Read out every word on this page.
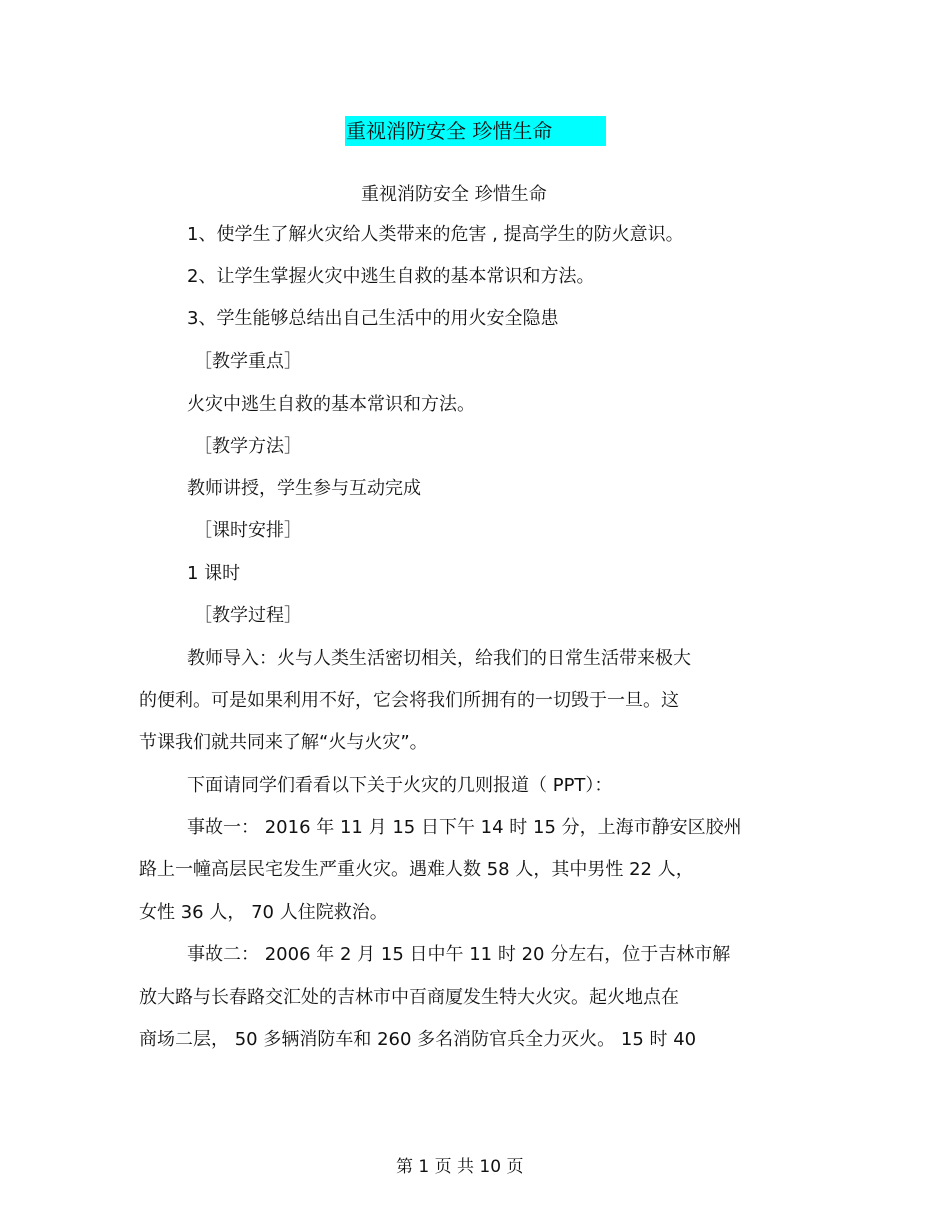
重视消防安全 珍惜生命
重视消防安全 珍惜生命
1、使学生了解火灾给人类带来的危害 , 提高学生的防火意识。
2、让学生掌握火灾中逃生自救的基本常识和方法。
3、学生能够总结出自己生活中的用火安全隐患
［教学重点］
火灾中逃生自救的基本常识和方法。
［教学方法］
教师讲授，学生参与互动完成
［课时安排］
1 课时
［教学过程］
教师导入：火与人类生活密切相关，给我们的日常生活带来极大
的便利。可是如果利用不好，它会将我们所拥有的一切毁于一旦。这
节课我们就共同来了解“火与火灾”。
下面请同学们看看以下关于火灾的几则报道（ PPT）：
事故一： 2016 年 11 月 15 日下午 14 时 15 分，上海市静安区胶州
路上一幢高层民宅发生严重火灾。遇难人数 58 人，其中男性 22 人，
女性 36 人， 70 人住院救治。
事故二： 2006 年 2 月 15 日中午 11 时 20 分左右，位于吉林市解
放大路与长春路交汇处的吉林市中百商厦发生特大火灾。起火地点在
商场二层， 50 多辆消防车和 260 多名消防官兵全力灭火。 15 时 40
第 1 页 共 10 页
